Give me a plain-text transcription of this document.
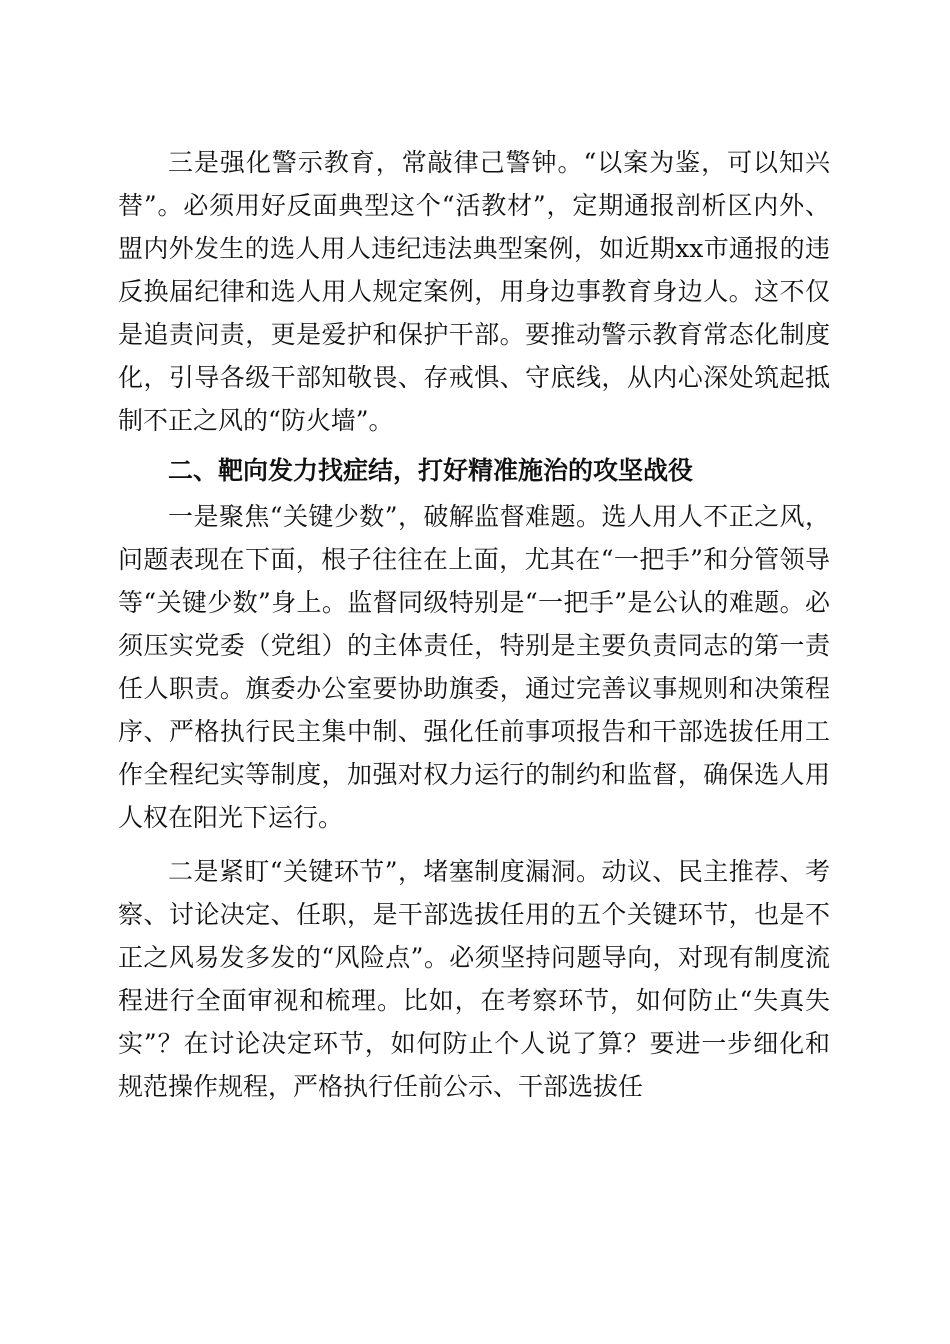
三是强化警示教育，常敲律己警钟。“以案为鉴，可以知兴替”。必须用好反面典型这个“活教材”，定期通报剖析区内外、盟内外发生的选人用人违纪违法典型案例，如近期xx市通报的违反换届纪律和选人用人规定案例，用身边事教育身边人。这不仅是追责问责，更是爱护和保护干部。要推动警示教育常态化制度化，引导各级干部知敬畏、存戒惧、守底线，从内心深处筑起抵制不正之风的“防火墙”。

二、靶向发力找症结，打好精准施治的攻坚战役

一是聚焦“关键少数”，破解监督难题。选人用人不正之风，问题表现在下面，根子往往在上面，尤其在“一把手”和分管领导等“关键少数”身上。监督同级特别是“一把手”是公认的难题。必须压实党委（党组）的主体责任，特别是主要负责同志的第一责任人职责。旗委办公室要协助旗委，通过完善议事规则和决策程序、严格执行民主集中制、强化任前事项报告和干部选拔任用工作全程纪实等制度，加强对权力运行的制约和监督，确保选人用人权在阳光下运行。

二是紧盯“关键环节”，堵塞制度漏洞。动议、民主推荐、考察、讨论决定、任职，是干部选拔任用的五个关键环节，也是不正之风易发多发的“风险点”。必须坚持问题导向，对现有制度流程进行全面审视和梳理。比如，在考察环节，如何防止“失真失实”？在讨论决定环节，如何防止个人说了算？要进一步细化和规范操作规程，严格执行任前公示、干部选拔任
